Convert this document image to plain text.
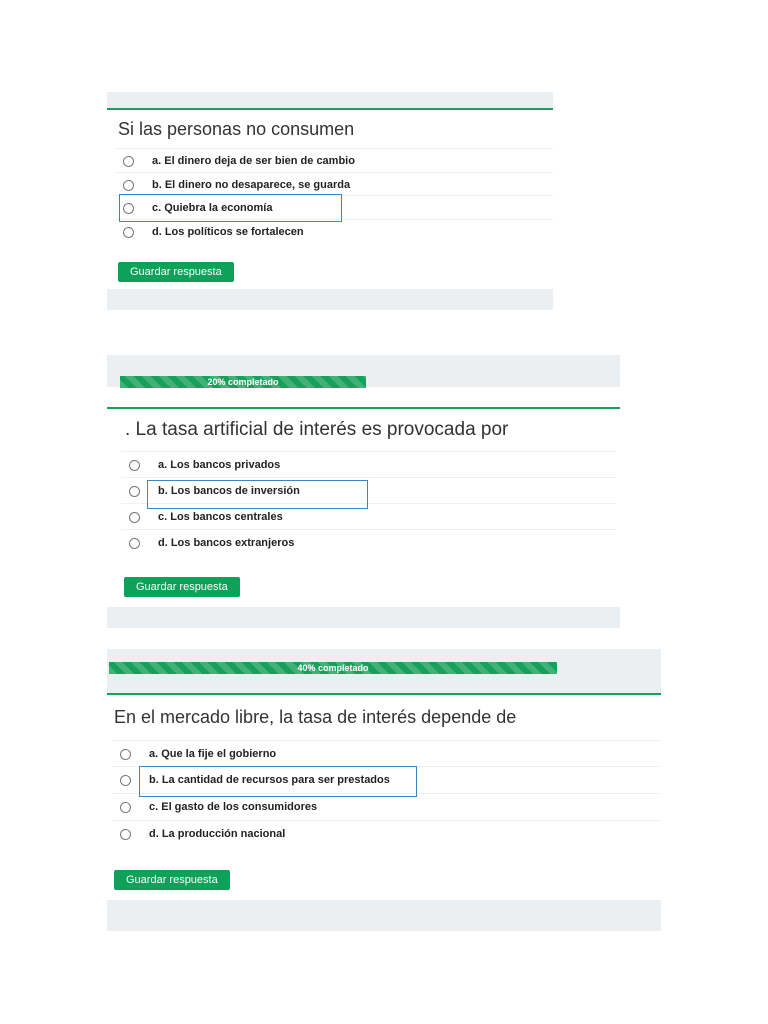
Si las personas no consumen
a. El dinero deja de ser bien de cambio
b. El dinero no desaparece, se guarda
c. Quiebra la economía
d. Los políticos se fortalecen
Guardar respuesta
20% completado
. La tasa artificial de interés es provocada por
a. Los bancos privados
b. Los bancos de inversión
c. Los bancos centrales
d. Los bancos extranjeros
Guardar respuesta
40% completado
En el mercado libre, la tasa de interés depende de
a. Que la fije el gobierno
b. La cantidad de recursos para ser prestados
c. El gasto de los consumidores
d. La producción nacional
Guardar respuesta
